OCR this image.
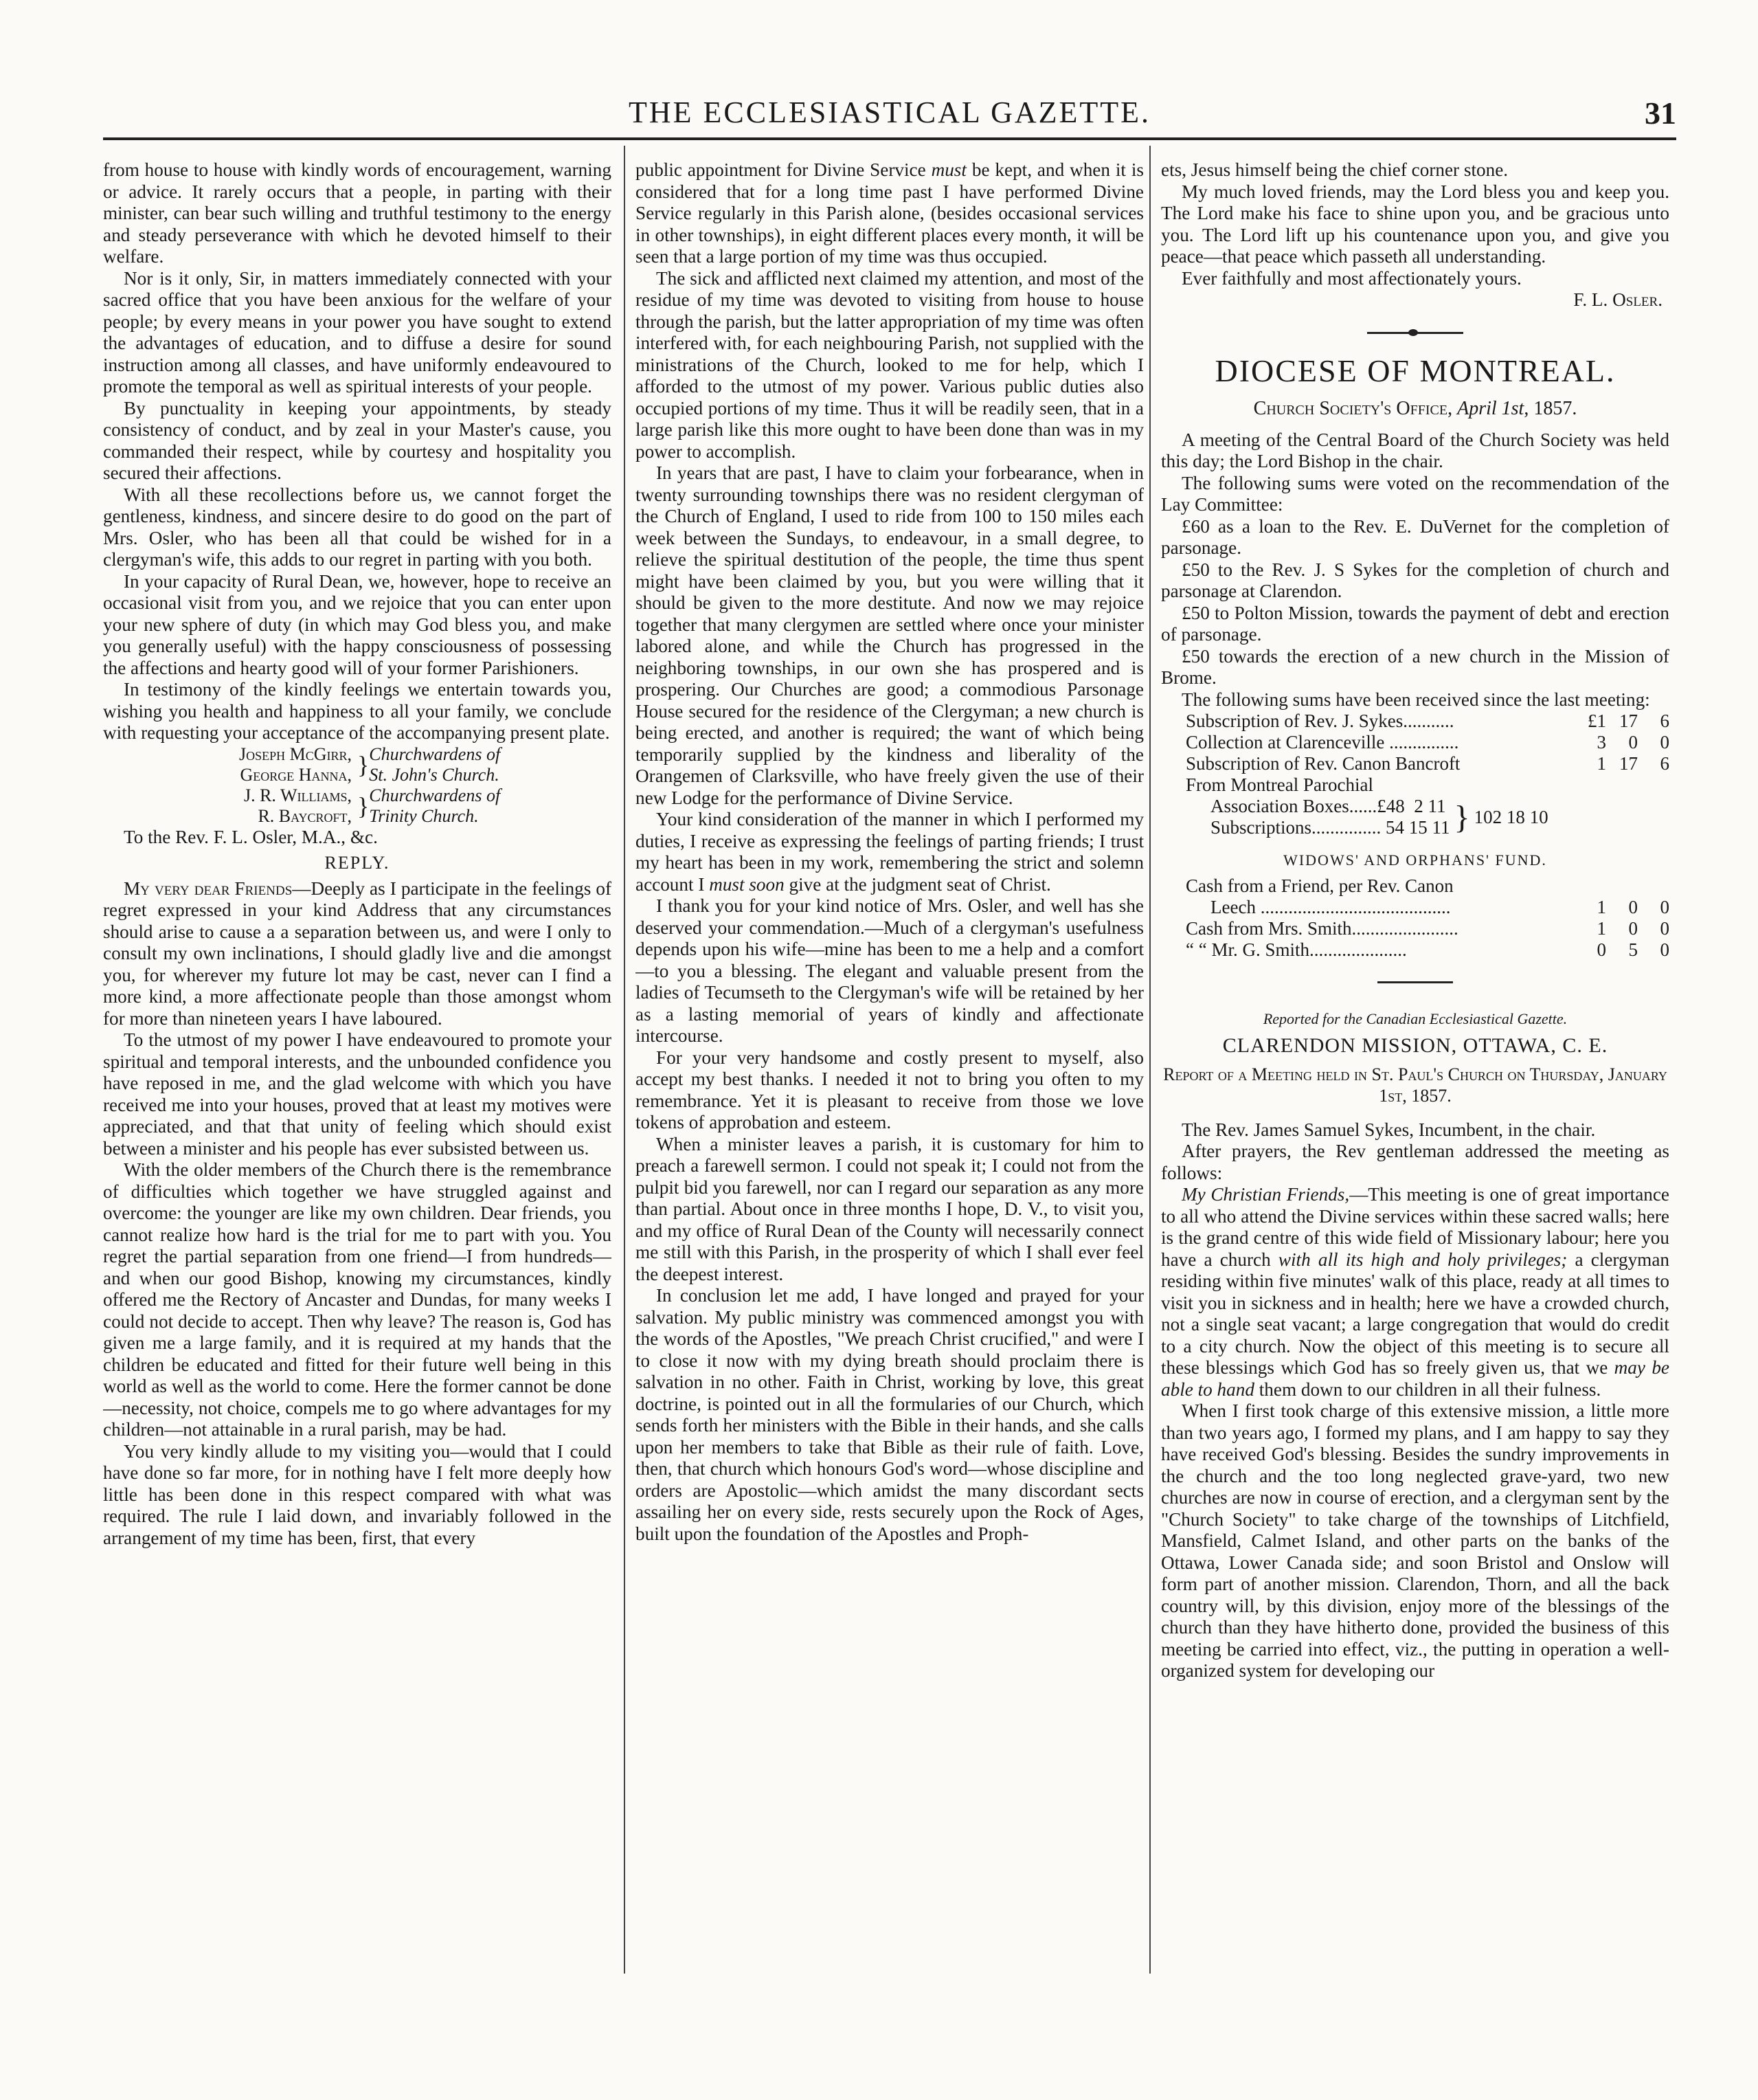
THE ECCLESIASTICAL GAZETTE.	31

from house to house with kindly words of encouragement, warning or advice. It rarely occurs that a people, in parting with their minister, can bear such willing and truthful testimony to the energy and steady perseverance with which he devoted himself to their welfare.

Nor is it only, Sir, in matters immediately connected with your sacred office that you have been anxious for the welfare of your people; by every means in your power you have sought to extend the advantages of education, and to diffuse a desire for sound instruction among all classes, and have uniformly endeavoured to promote the temporal as well as spiritual interests of your people.

By punctuality in keeping your appointments, by steady consistency of conduct, and by zeal in your Master's cause, you commanded their respect, while by courtesy and hospitality you secured their affections.

With all these recollections before us, we cannot forget the gentleness, kindness, and sincere desire to do good on the part of Mrs. Osler, who has been all that could be wished for in a clergyman's wife, this adds to our regret in parting with you both.

In your capacity of Rural Dean, we, however, hope to receive an occasional visit from you, and we rejoice that you can enter upon your new sphere of duty (in which may God bless you, and make you generally useful) with the happy consciousness of possessing the affections and hearty good will of your former Parishioners.

In testimony of the kindly feelings we entertain towards you, wishing you health and happiness to all your family, we conclude with requesting your acceptance of the accompanying present plate.

Joseph McGirr,	}	Churchwardens of
George Hanna,		St. John's Church.
J. R. Williams,	}	Churchwardens of
R. Baycroft,		Trinity Church.

To the Rev. F. L. Osler, M.A., &c.

REPLY.

My very dear Friends—Deeply as I participate in the feelings of regret expressed in your kind Address that any circumstances should arise to cause a a separation between us, and were I only to consult my own inclinations, I should gladly live and die amongst you, for wherever my future lot may be cast, never can I find a more kind, a more affectionate people than those amongst whom for more than nineteen years I have laboured.

To the utmost of my power I have endeavoured to promote your spiritual and temporal interests, and the unbounded confidence you have reposed in me, and the glad welcome with which you have received me into your houses, proved that at least my motives were appreciated, and that that unity of feeling which should exist between a minister and his people has ever subsisted between us.

With the older members of the Church there is the remembrance of difficulties which together we have struggled against and overcome: the younger are like my own children. Dear friends, you cannot realize how hard is the trial for me to part with you. You regret the partial separation from one friend—I from hundreds—and when our good Bishop, knowing my circumstances, kindly offered me the Rectory of Ancaster and Dundas, for many weeks I could not decide to accept. Then why leave? The reason is, God has given me a large family, and it is required at my hands that the children be educated and fitted for their future well being in this world as well as the world to come. Here the former cannot be done—necessity, not choice, compels me to go where advantages for my children—not attainable in a rural parish, may be had.

You very kindly allude to my visiting you—would that I could have done so far more, for in nothing have I felt more deeply how little has been done in this respect compared with what was required. The rule I laid down, and invariably followed in the arrangement of my time has been, first, that every

public appointment for Divine Service must be kept, and when it is considered that for a long time past I have performed Divine Service regularly in this Parish alone, (besides occasional services in other townships), in eight different places every month, it will be seen that a large portion of my time was thus occupied.

The sick and afflicted next claimed my attention, and most of the residue of my time was devoted to visiting from house to house through the parish, but the latter appropriation of my time was often interfered with, for each neighbouring Parish, not supplied with the ministrations of the Church, looked to me for help, which I afforded to the utmost of my power. Various public duties also occupied portions of my time. Thus it will be readily seen, that in a large parish like this more ought to have been done than was in my power to accomplish.

In years that are past, I have to claim your forbearance, when in twenty surrounding townships there was no resident clergyman of the Church of England, I used to ride from 100 to 150 miles each week between the Sundays, to endeavour, in a small degree, to relieve the spiritual destitution of the people, the time thus spent might have been claimed by you, but you were willing that it should be given to the more destitute. And now we may rejoice together that many clergymen are settled where once your minister labored alone, and while the Church has progressed in the neighboring townships, in our own she has prospered and is prospering. Our Churches are good; a commodious Parsonage House secured for the residence of the Clergyman; a new church is being erected, and another is required; the want of which being temporarily supplied by the kindness and liberality of the Orangemen of Clarksville, who have freely given the use of their new Lodge for the performance of Divine Service.

Your kind consideration of the manner in which I performed my duties, I receive as expressing the feelings of parting friends; I trust my heart has been in my work, remembering the strict and solemn account I must soon give at the judgment seat of Christ.

I thank you for your kind notice of Mrs. Osler, and well has she deserved your commendation.—Much of a clergyman's usefulness depends upon his wife—mine has been to me a help and a comfort—to you a blessing. The elegant and valuable present from the ladies of Tecumseth to the Clergyman's wife will be retained by her as a lasting memorial of years of kindly and affectionate intercourse.

For your very handsome and costly present to myself, also accept my best thanks. I needed it not to bring you often to my remembrance. Yet it is pleasant to receive from those we love tokens of approbation and esteem.

When a minister leaves a parish, it is customary for him to preach a farewell sermon. I could not speak it; I could not from the pulpit bid you farewell, nor can I regard our separation as any more than partial. About once in three months I hope, D. V., to visit you, and my office of Rural Dean of the County will necessarily connect me still with this Parish, in the prosperity of which I shall ever feel the deepest interest.

In conclusion let me add, I have longed and prayed for your salvation. My public ministry was commenced amongst you with the words of the Apostles, "We preach Christ crucified," and were I to close it now with my dying breath should proclaim there is salvation in no other. Faith in Christ, working by love, this great doctrine, is pointed out in all the formularies of our Church, which sends forth her ministers with the Bible in their hands, and she calls upon her members to take that Bible as their rule of faith. Love, then, that church which honours God's word—whose discipline and orders are Apostolic—which amidst the many discordant sects assailing her on every side, rests securely upon the Rock of Ages, built upon the foundation of the Apostles and Proph-

ets, Jesus himself being the chief corner stone.

My much loved friends, may the Lord bless you and keep you. The Lord make his face to shine upon you, and be gracious unto you. The Lord lift up his countenance upon you, and give you peace—that peace which passeth all understanding.

Ever faithfully and most affectionately yours.

F. L. Osler.
DIOCESE OF MONTREAL.
Church Society's Office, April 1st, 1857.

A meeting of the Central Board of the Church Society was held this day; the Lord Bishop in the chair.

The following sums were voted on the recommendation of the Lay Committee:

£60 as a loan to the Rev. E. DuVernet for the completion of parsonage.

£50 to the Rev. J. S Sykes for the completion of church and parsonage at Clarendon.

£50 to Polton Mission, towards the payment of debt and erection of parsonage.

£50 towards the erection of a new church in the Mission of Brome.

The following sums have been received since the last meeting:

Subscription of Rev. J. Sykes...........	£1	17	6
Collection at Clarenceville ...............	3	0	0
Subscription of Rev. Canon Bancroft	1	17	6
From Montreal Parochial			
Association Boxes......£48 2 11
Subscriptions............... 54 15 11 } 102 18 10
WIDOWS' AND ORPHANS' FUND.
Cash from a Friend, per Rev. Canon			
Leech .........................................	1	0	0
Cash from Mrs. Smith.......................	1	0	0
“ “ Mr. G. Smith.....................	0	5	0
Reported for the Canadian Ecclesiastical Gazette.
CLARENDON MISSION, OTTAWA, C. E.
Report of a Meeting held in St. Paul's Church on Thursday, January 1st, 1857.

The Rev. James Samuel Sykes, Incumbent, in the chair.

After prayers, the Rev gentleman addressed the meeting as follows:

My Christian Friends,—This meeting is one of great importance to all who attend the Divine services within these sacred walls; here is the grand centre of this wide field of Missionary labour; here you have a church with all its high and holy privileges; a clergyman residing within five minutes' walk of this place, ready at all times to visit you in sickness and in health; here we have a crowded church, not a single seat vacant; a large congregation that would do credit to a city church. Now the object of this meeting is to secure all these blessings which God has so freely given us, that we may be able to hand them down to our children in all their fulness.

When I first took charge of this extensive mission, a little more than two years ago, I formed my plans, and I am happy to say they have received God's blessing. Besides the sundry improvements in the church and the too long neglected grave-yard, two new churches are now in course of erection, and a clergyman sent by the "Church Society" to take charge of the townships of Litchfield, Mansfield, Calmet Island, and other parts on the banks of the Ottawa, Lower Canada side; and soon Bristol and Onslow will form part of another mission. Clarendon, Thorn, and all the back country will, by this division, enjoy more of the blessings of the church than they have hitherto done, provided the business of this meeting be carried into effect, viz., the putting in operation a well-organized system for developing our
